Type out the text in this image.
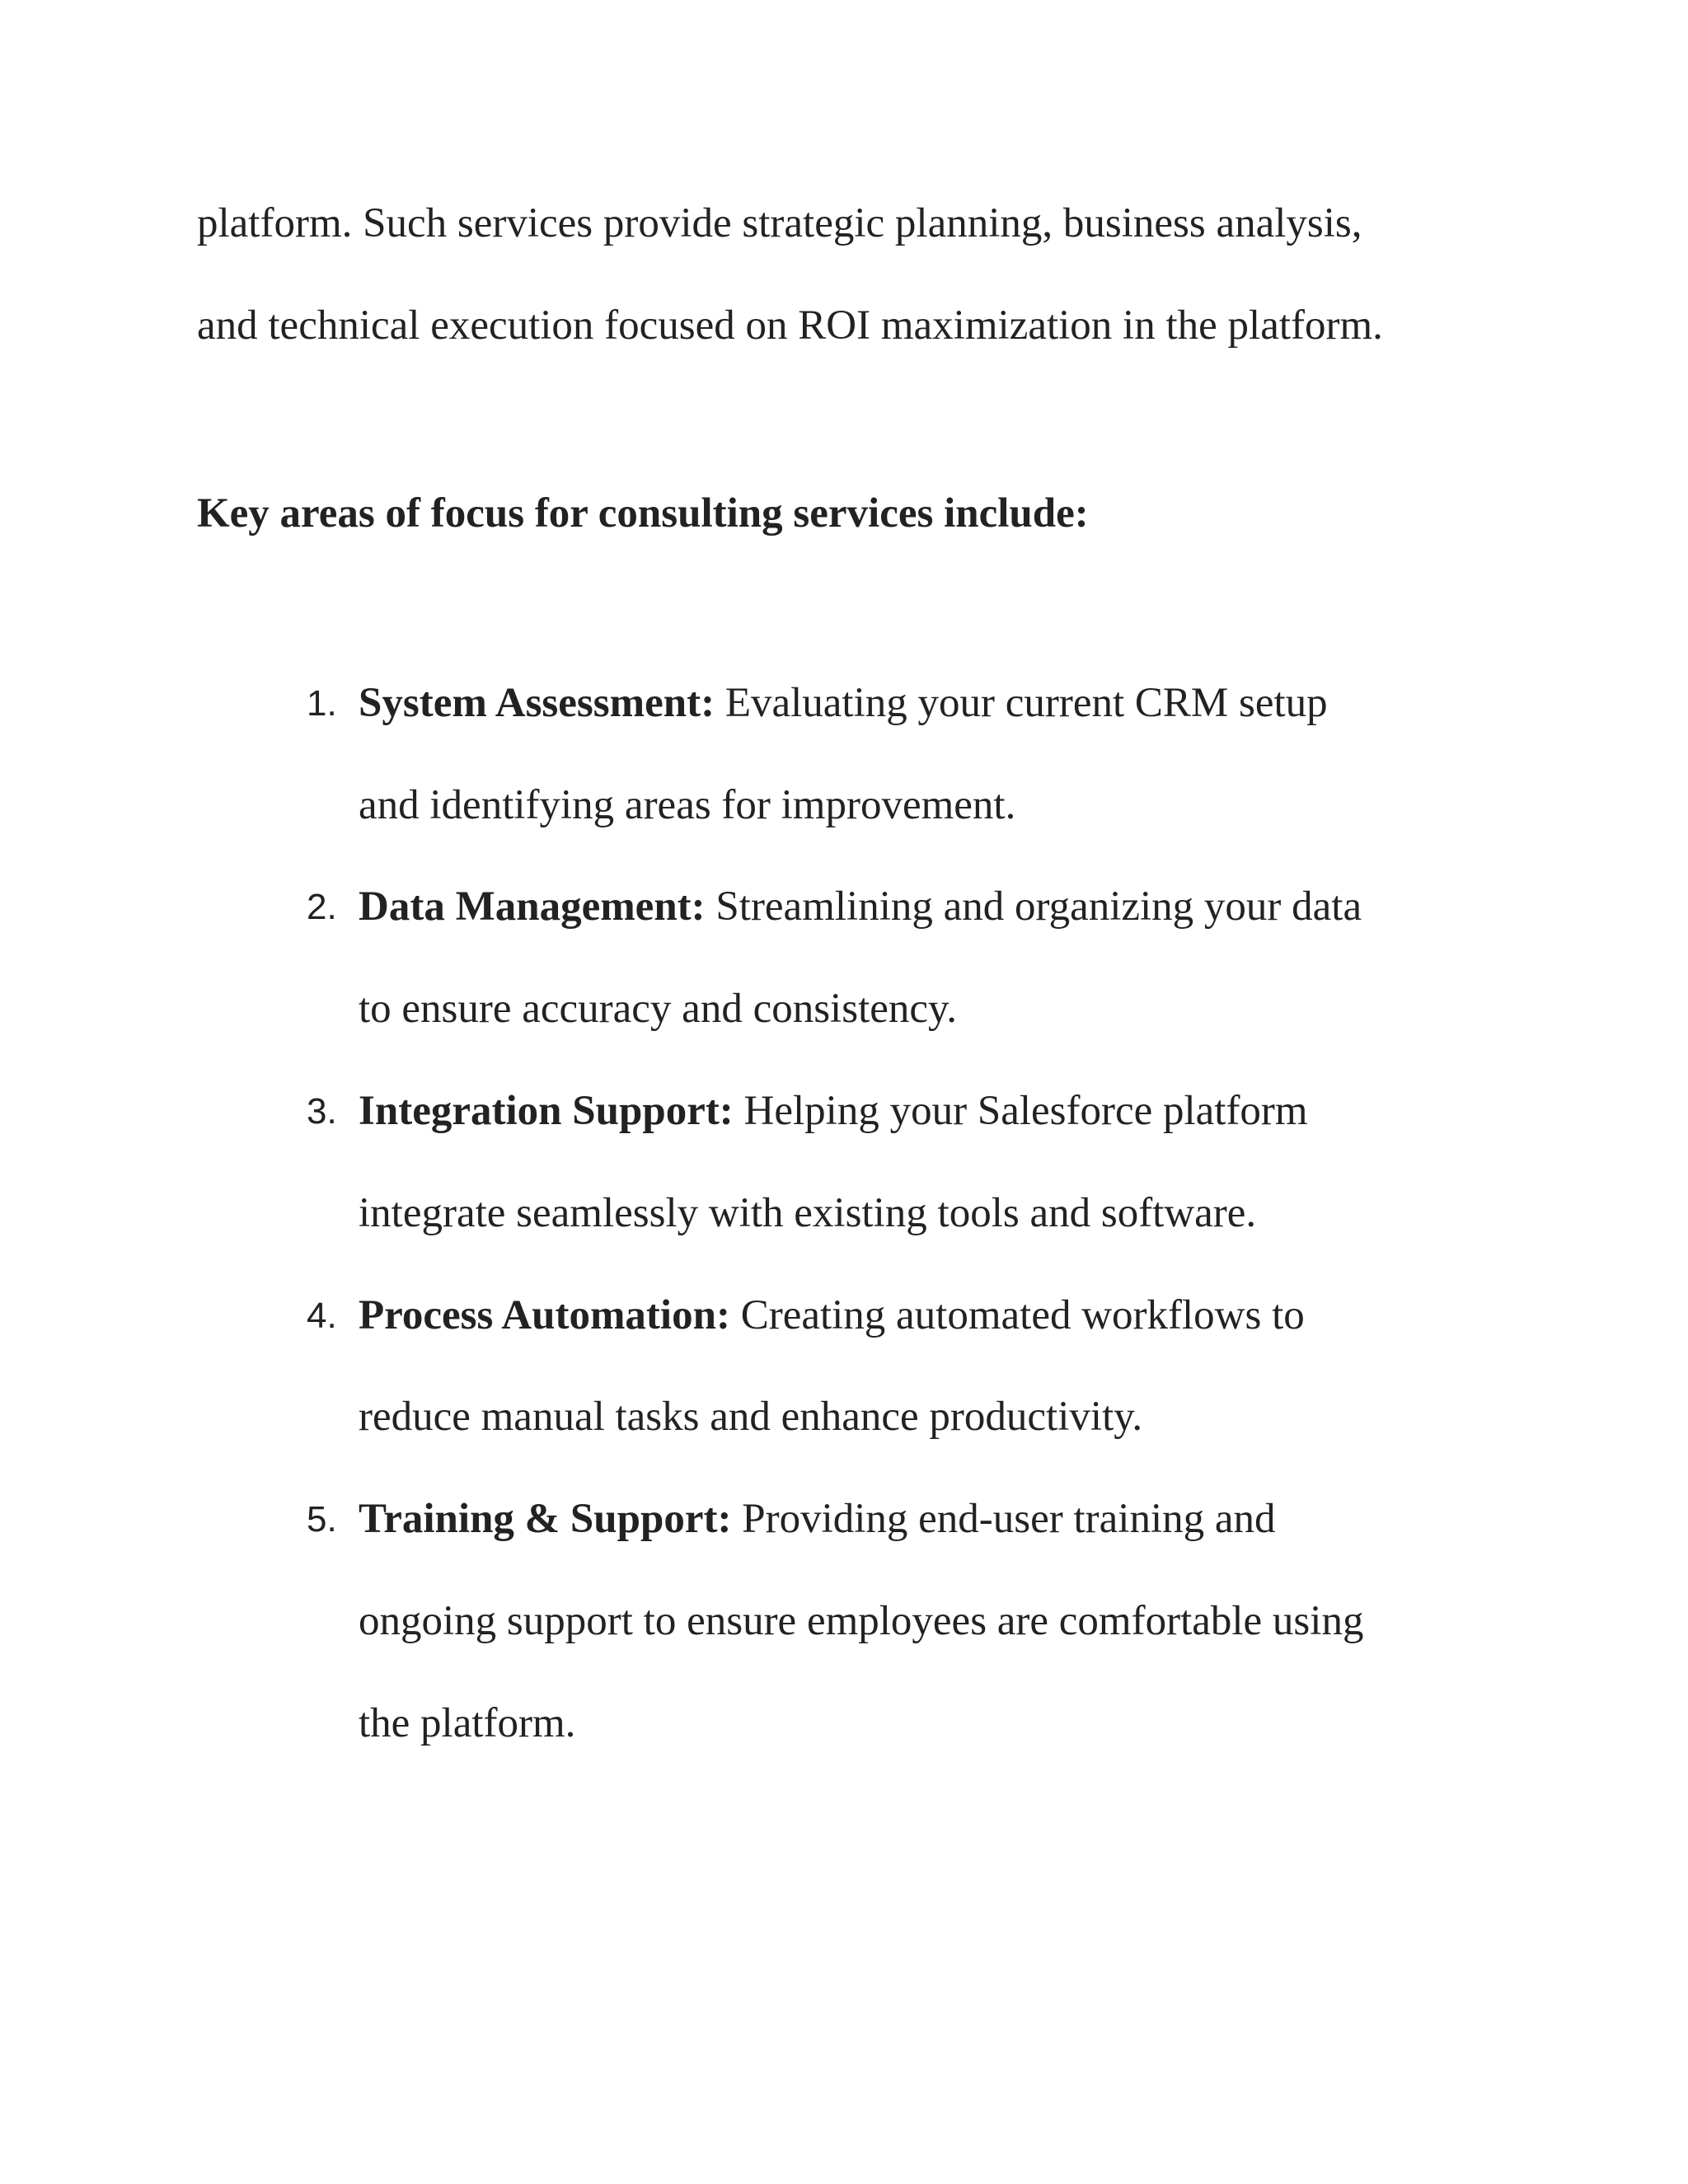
platform. Such services provide strategic planning, business analysis,
and technical execution focused on ROI maximization in the platform.
Key areas of focus for consulting services include:
1. System Assessment: Evaluating your current CRM setup
and identifying areas for improvement.
2. Data Management: Streamlining and organizing your data
to ensure accuracy and consistency.
3. Integration Support: Helping your Salesforce platform
integrate seamlessly with existing tools and software.
4. Process Automation: Creating automated workflows to
reduce manual tasks and enhance productivity.
5. Training & Support: Providing end-user training and
ongoing support to ensure employees are comfortable using
the platform.
